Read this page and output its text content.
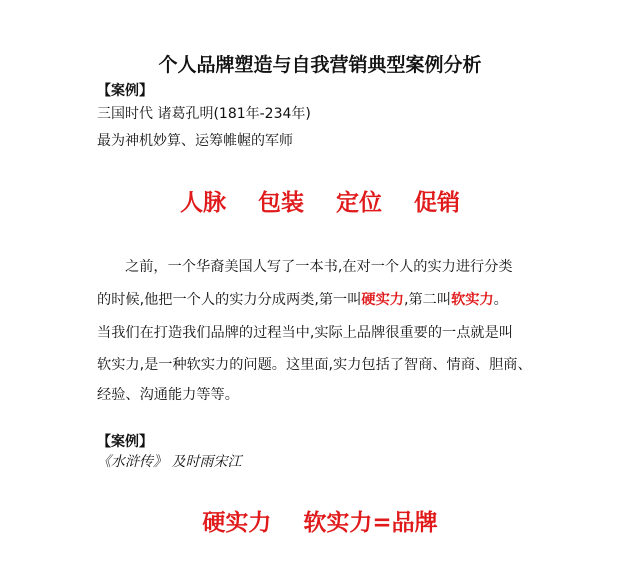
个人品牌塑造与自我营销典型案例分析
【案例】
三国时代 诸葛孔明(181年-234年)
最为神机妙算、运筹帷幄的军师
人脉 包装 定位 促销
之前，一个华裔美国人写了一本书,在对一个人的实力进行分类
的时候,他把一个人的实力分成两类,第一叫硬实力,第二叫软实力。
当我们在打造我们品牌的过程当中,实际上品牌很重要的一点就是叫
软实力,是一种软实力的问题。这里面,实力包括了智商、情商、胆商、
经验、沟通能力等等。
【案例】
《水浒传》 及时雨宋江
硬实力 软实力=品牌
